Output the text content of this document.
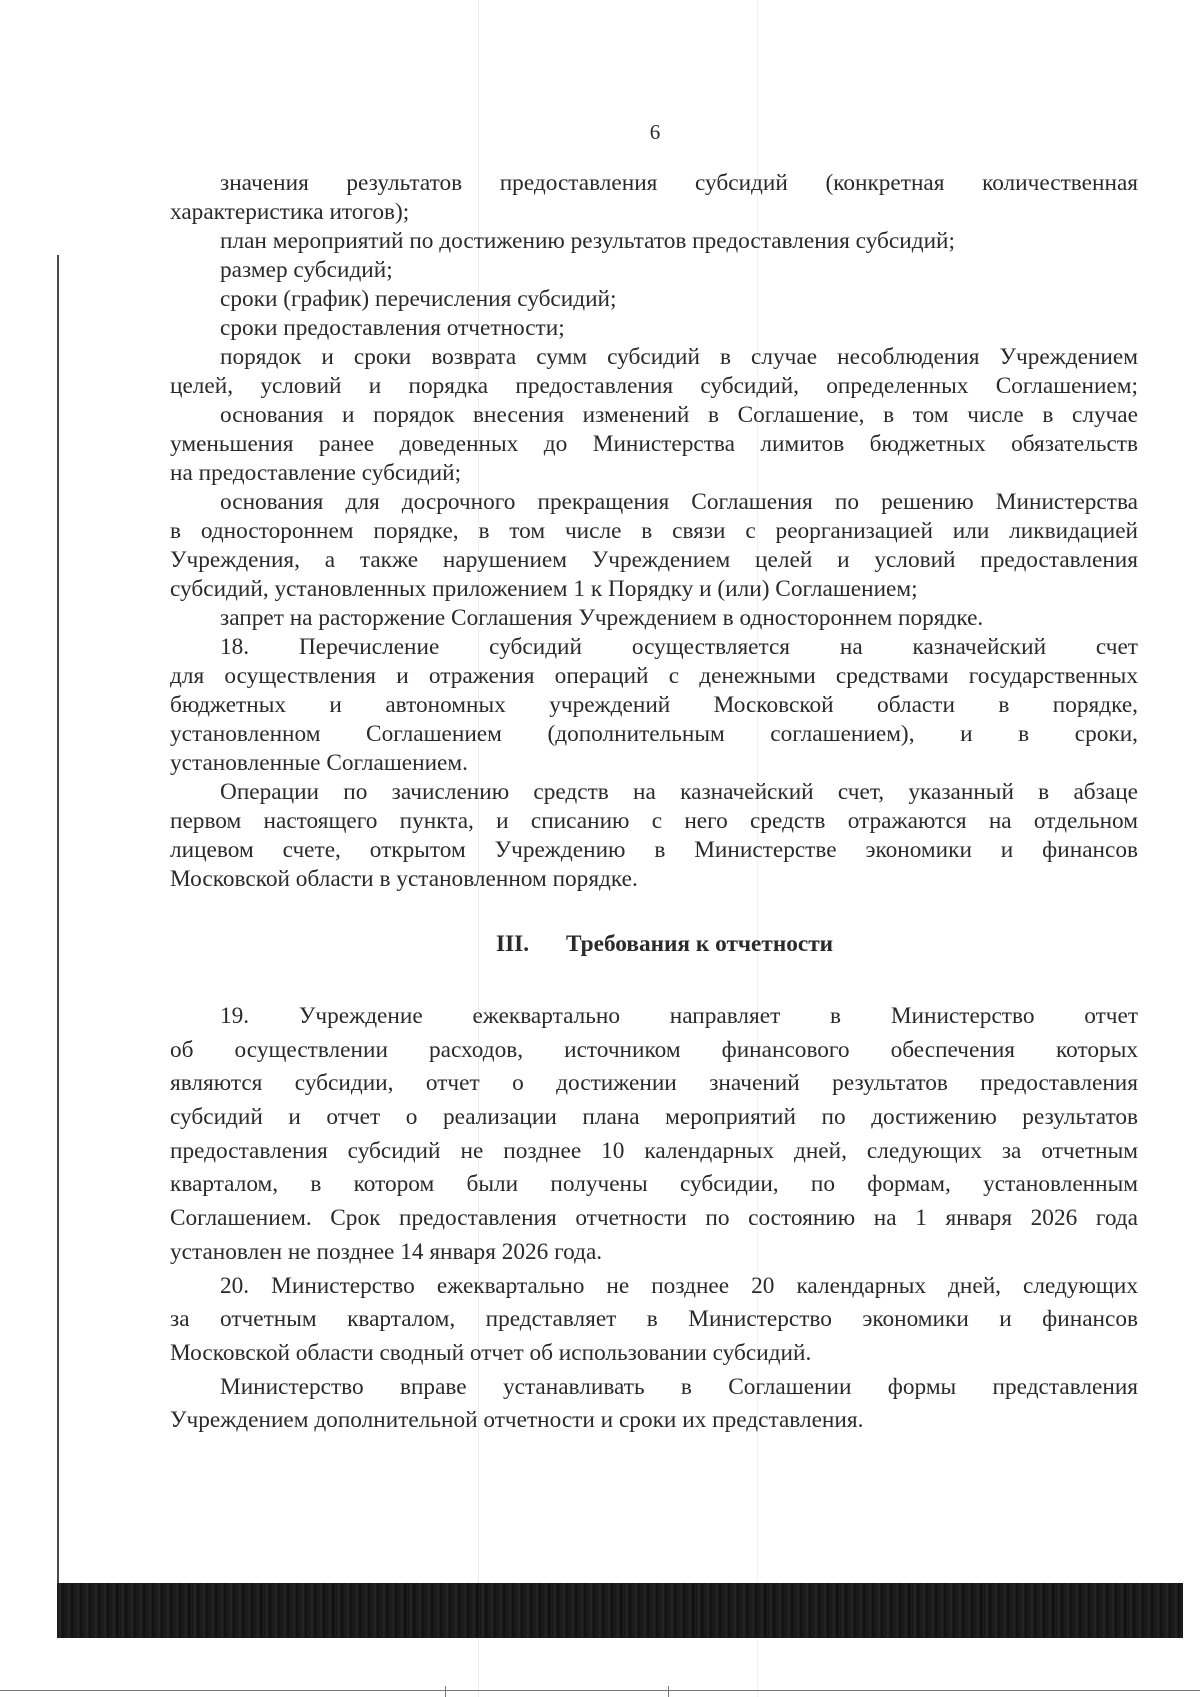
6
значения результатов предоставления субсидий (конкретная количественная
характеристика итогов);
план мероприятий по достижению результатов предоставления субсидий;
размер субсидий;
сроки (график) перечисления субсидий;
сроки предоставления отчетности;
порядок и сроки возврата сумм субсидий в случае несоблюдения Учреждением
целей, условий и порядка предоставления субсидий, определенных Соглашением;
основания и порядок внесения изменений в Соглашение, в том числе в случае
уменьшения ранее доведенных до Министерства лимитов бюджетных обязательств
на предоставление субсидий;
основания для досрочного прекращения Соглашения по решению Министерства
в одностороннем порядке, в том числе в связи с реорганизацией или ликвидацией
Учреждения, а также нарушением Учреждением целей и условий предоставления
субсидий, установленных приложением 1 к Порядку и (или) Соглашением;
запрет на расторжение Соглашения Учреждением в одностороннем порядке.
18. Перечисление субсидий осуществляется на казначейский счет
для осуществления и отражения операций с денежными средствами государственных
бюджетных и автономных учреждений Московской области в порядке,
установленном Соглашением (дополнительным соглашением), и в сроки,
установленные Соглашением.
Операции по зачислению средств на казначейский счет, указанный в абзаце
первом настоящего пункта, и списанию с него средств отражаются на отдельном
лицевом счете, открытом Учреждению в Министерстве экономики и финансов
Московской области в установленном порядке.
III. Требования к отчетности
19. Учреждение ежеквартально направляет в Министерство отчет
об осуществлении расходов, источником финансового обеспечения которых
являются субсидии, отчет о достижении значений результатов предоставления
субсидий и отчет о реализации плана мероприятий по достижению результатов
предоставления субсидий не позднее 10 календарных дней, следующих за отчетным
кварталом, в котором были получены субсидии, по формам, установленным
Соглашением. Срок предоставления отчетности по состоянию на 1 января 2026 года
установлен не позднее 14 января 2026 года.
20. Министерство ежеквартально не позднее 20 календарных дней, следующих
за отчетным кварталом, представляет в Министерство экономики и финансов
Московской области сводный отчет об использовании субсидий.
Министерство вправе устанавливать в Соглашении формы представления
Учреждением дополнительной отчетности и сроки их представления.
